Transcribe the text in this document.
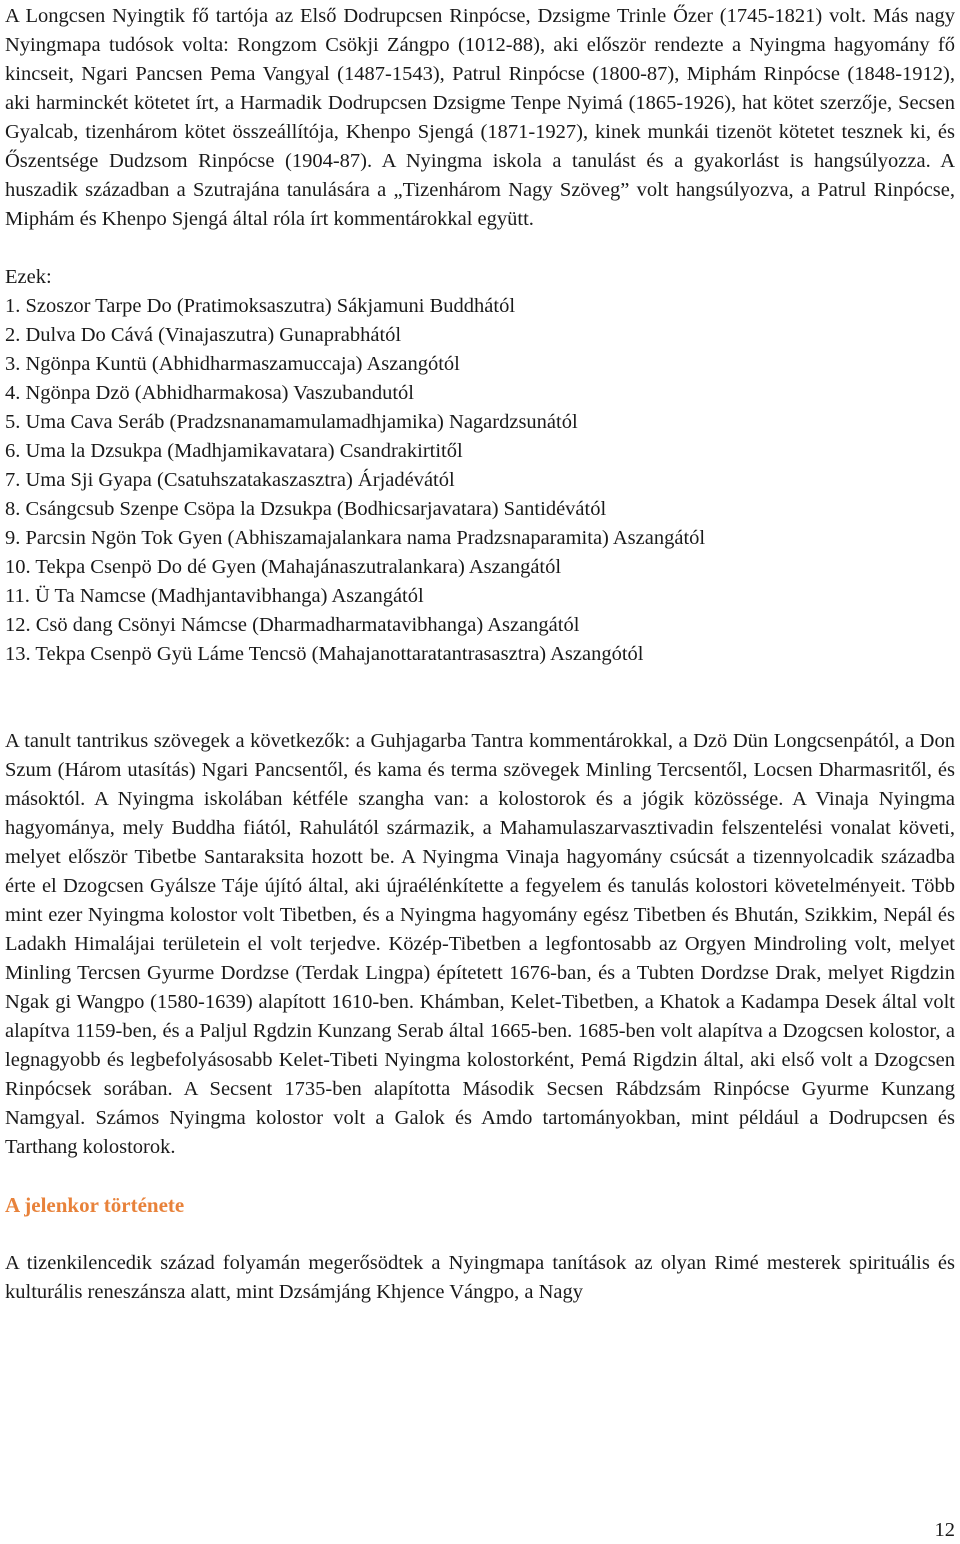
A Longcsen Nyingtik fő tartója az Első Dodrupcsen Rinpócse, Dzsigme Trinle Őzer (1745-1821) volt. Más nagy Nyingmapa tudósok volta: Rongzom Csökji Zángpo (1012-88), aki először rendezte a Nyingma hagyomány fő kincseit, Ngari Pancsen Pema Vangyal (1487-1543), Patrul Rinpócse (1800-87), Miphám Rinpócse (1848-1912), aki harminckét kötetet írt, a Harmadik Dodrupcsen Dzsigme Tenpe Nyimá (1865-1926), hat kötet szerzője, Secsen Gyalcab, tizenhárom kötet összeállítója, Khenpo Sjengá (1871-1927), kinek munkái tizenöt kötetet tesznek ki, és Őszentsége Dudzsom Rinpócse (1904-87). A Nyingma iskola a tanulást és a gyakorlást is hangsúlyozza. A huszadik században a Szutrajána tanulására a „Tizenhárom Nagy Szöveg” volt hangsúlyozva, a Patrul Rinpócse, Miphám és Khenpo Sjengá által róla írt kommentárokkal együtt.

Ezek:

1. Szoszor Tarpe Do (Pratimoksaszutra) Sákjamuni Buddhától
2. Dulva Do Cává (Vinajaszutra) Gunaprabhától
3. Ngönpa Kuntü (Abhidharmaszamuccaja) Aszangótól
4. Ngönpa Dzö (Abhidharmakosa) Vaszubandutól
5. Uma Cava Seráb (Pradzsnanamamulamadhjamika) Nagardzsunától
6. Uma la Dzsukpa (Madhjamikavatara) Csandrakirtitől
7. Uma Sji Gyapa (Csatuhszatakaszasztra) Árjadévától
8. Csángcsub Szenpe Csöpa la Dzsukpa (Bodhicsarjavatara) Santidévától
9. Parcsin Ngön Tok Gyen (Abhiszamajalankara nama Pradzsnaparamita) Aszangától
10. Tekpa Csenpö Do dé Gyen (Mahajánaszutralankara) Aszangától
11. Ü Ta Namcse (Madhjantavibhanga) Aszangától
12. Csö dang Csönyi Námcse (Dharmadharmatavibhanga) Aszangától
13. Tekpa Csenpö Gyü Láme Tencsö (Mahajanottaratantrasasztra) Aszangótól

A tanult tantrikus szövegek a következők: a Guhjagarba Tantra kommentárokkal, a Dzö Dün Longcsenpától, a Don Szum (Három utasítás) Ngari Pancsentől, és kama és terma szövegek Minling Tercsentől, Locsen Dharmasritől, és másoktól. A Nyingma iskolában kétféle szangha van: a kolostorok és a jógik közössége. A Vinaja Nyingma hagyománya, mely Buddha fiától, Rahulától származik, a Mahamulaszarvasztivadin felszentelési vonalat követi, melyet először Tibetbe Santaraksita hozott be. A Nyingma Vinaja hagyomány csúcsát a tizennyolcadik századba érte el Dzogcsen Gyálsze Táje újító által, aki újraélénkítette a fegyelem és tanulás kolostori követelményeit. Több mint ezer Nyingma kolostor volt Tibetben, és a Nyingma hagyomány egész Tibetben és Bhután, Szikkim, Nepál és Ladakh Himalájai területein el volt terjedve. Közép-Tibetben a legfontosabb az Orgyen Mindroling volt, melyet Minling Tercsen Gyurme Dordzse (Terdak Lingpa) építetett 1676-ban, és a Tubten Dordzse Drak, melyet Rigdzin Ngak gi Wangpo (1580-1639) alapított 1610-ben. Khámban, Kelet-Tibetben, a Khatok a Kadampa Desek által volt alapítva 1159-ben, és a Paljul Rgdzin Kunzang Serab által 1665-ben. 1685-ben volt alapítva a Dzogcsen kolostor, a legnagyobb és legbefolyásosabb Kelet-Tibeti Nyingma kolostorként, Pemá Rigdzin által, aki első volt a Dzogcsen Rinpócsek sorában. A Secsent 1735-ben alapította Második Secsen Rábdzsám Rinpócse Gyurme Kunzang Namgyal. Számos Nyingma kolostor volt a Galok és Amdo tartományokban, mint például a Dodrupcsen és Tarthang kolostorok.

A jelenkor története

A tizenkilencedik század folyamán megerősödtek a Nyingmapa tanítások az olyan Rimé mesterek spirituális és kulturális reneszánsza alatt, mint Dzsámjáng Khjence Vángpo, a Nagy

12
